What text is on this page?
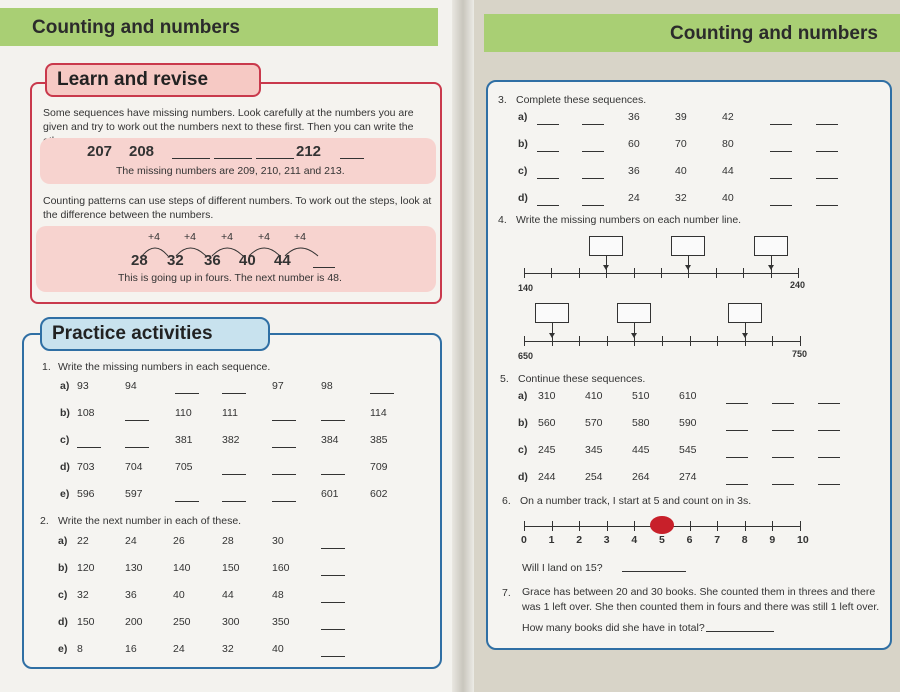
Counting and numbers
Learn and revise
Some sequences have missing numbers. Look carefully at the numbers you are given and try to work out the numbers next to these first. Then you can write the
207 208	212
The missing numbers are 209, 210, 211 and 213.
Counting patterns can use steps of different numbers. To work out the steps, look at the difference between the numbers.
+4 +4 +4 +4 +4
28 32 36 40 44
This is going up in fours. The next number is 48.
Practice activities
1. Write the missing numbers in each sequence.
a) 93	94	97	98
b) 108	110	111	114
c)	381	382	384	385
d) 703	704	705	709
e) 596	597	601	602
2. Write the next number in each of these.
a) 22	24	26	28	30
b) 120	130	140	150	160
c) 32	36	40	44	48
d) 150	200	250	300	350
e) 8	16	24	32	40
Counting and numbers
3. Complete these sequences.
a)	36	39	42
b)	60	70	80
c)	36	40	44
d)	24	32	40
4. Write the missing numbers on each number line.
140	240
650	750
5. Continue these sequences.
a) 310	410	510	610
b) 560	570	580	590
c) 245	345	445	545
d) 244	254	264	274
6. On a number track, I start at 5 and count on in 3s.
0 1 2 3 4 5 6 7 8 9 10
Will I land on 15?
7. Grace has between 20 and 30 books. She counted them in threes and there was 1 left over. She then counted them in fours and there was still 1 left over.
How many books did she have in total?
